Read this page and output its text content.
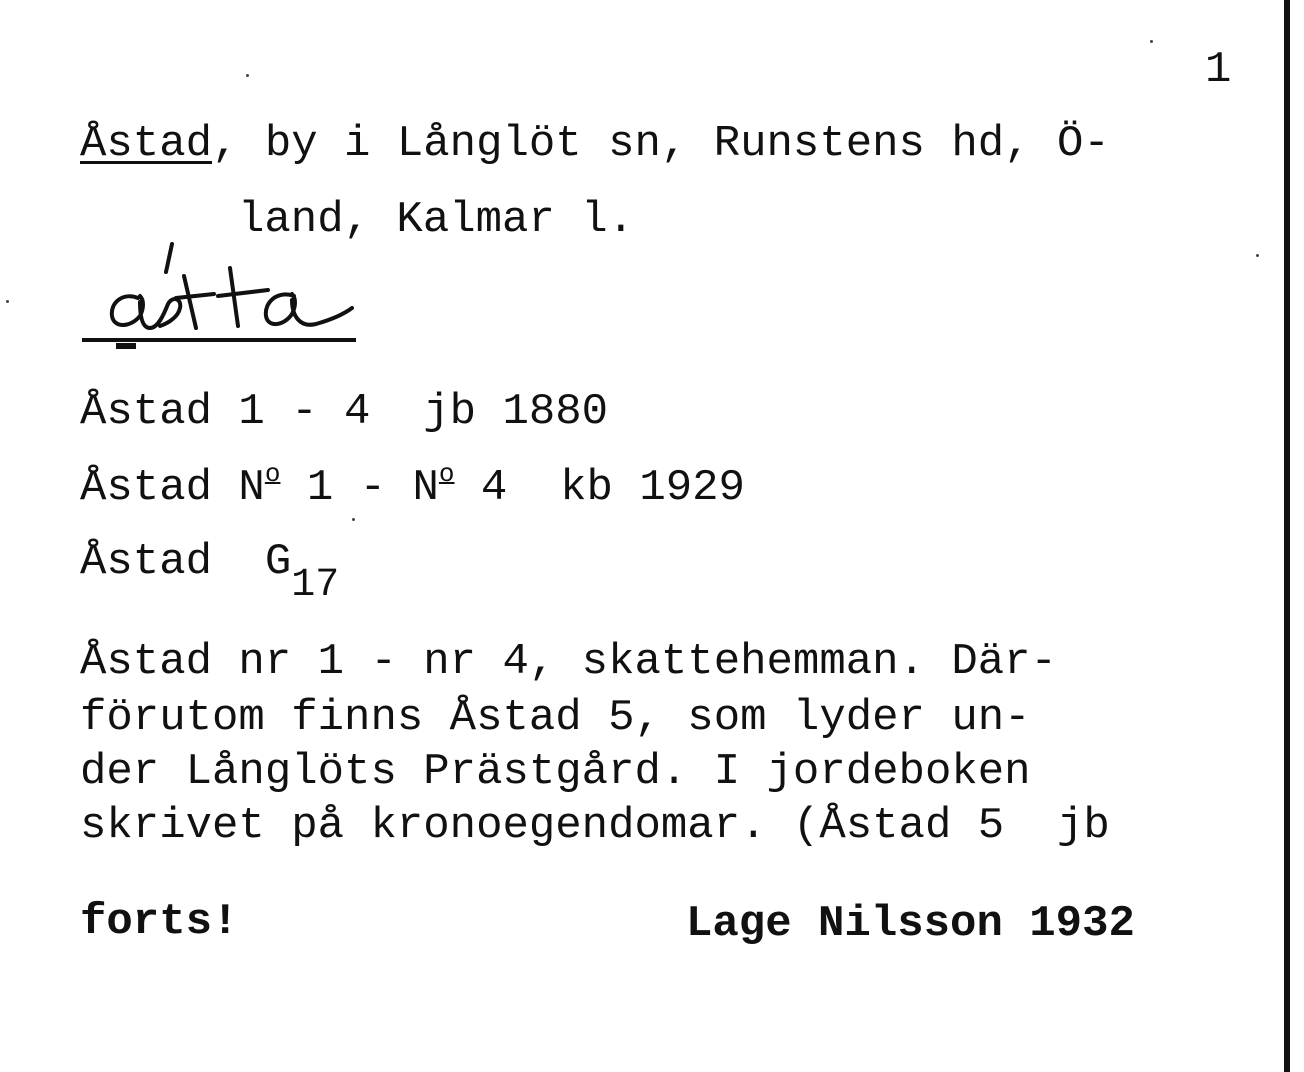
1
Åstad, by i Långlöt sn, Runstens hd, Ö-
land, Kalmar l.
Åstad 1 - 4  jb 1880
Åstad $N^o$ $1 - N^o$ 4  kb 1929
Åstad  G17
Åstad nr 1 - nr 4, skattehemman. Där-
förutom finns Åstad 5, som lyder un-
der Långlöts Prästgård. I jordeboken
skrivet på kronoegendomar. (Åstad 5  jb
forts!	Lage Nilsson 1932
